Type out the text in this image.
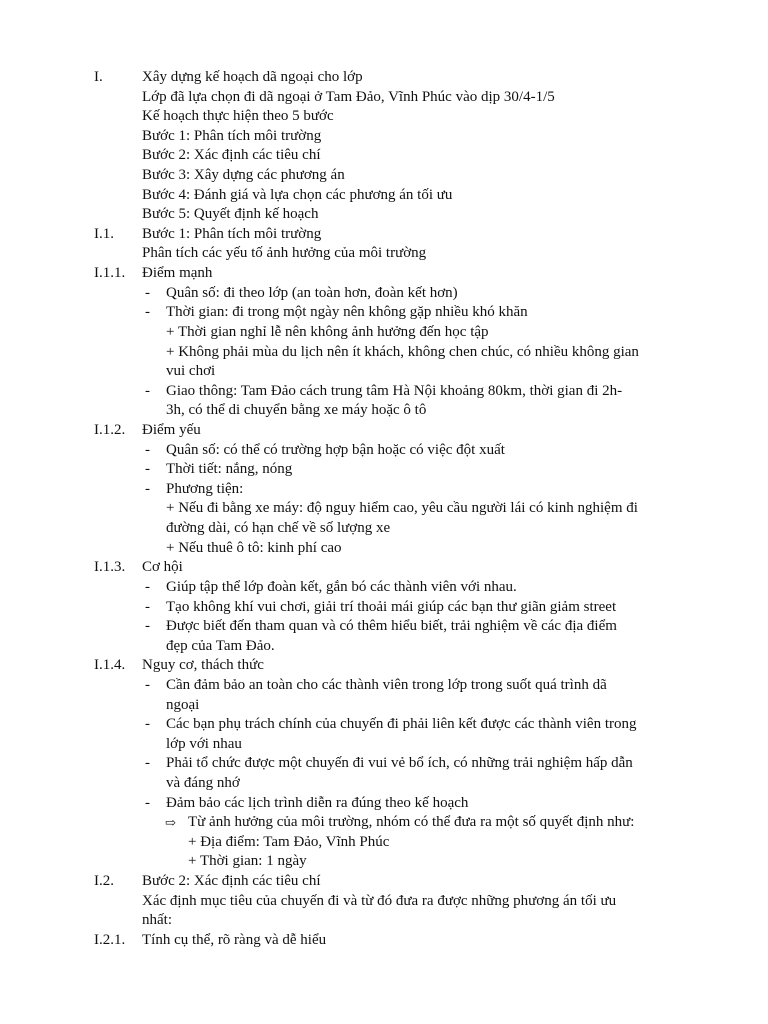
I.	Xây dựng kế hoạch dã ngoại cho lớp
Lớp đã lựa chọn đi dã ngoại ở Tam Đảo, Vĩnh Phúc vào dịp 30/4-1/5
Kế hoạch thực hiện theo 5 bước
Bước 1: Phân tích môi trường
Bước 2: Xác định các tiêu chí
Bước 3: Xây dựng các phương án
Bước 4: Đánh giá và lựa chọn các phương án tối ưu
Bước 5: Quyết định kế hoạch
I.1. Bước 1: Phân tích môi trường
Phân tích các yếu tố ảnh hưởng của môi trường
I.1.1. Điểm mạnh
- Quân số: đi theo lớp (an toàn hơn, đoàn kết hơn)
- Thời gian: đi trong một ngày nên không gặp nhiều khó khăn
+ Thời gian nghỉ lễ nên không ảnh hưởng đến học tập
+ Không phải mùa du lịch nên ít khách, không chen chúc, có nhiều không gian
vui chơi
- Giao thông: Tam Đảo cách trung tâm Hà Nội khoảng 80km, thời gian đi 2h-
3h, có thể di chuyển bằng xe máy hoặc ô tô
I.1.2. Điểm yếu
- Quân số: có thể có trường hợp bận hoặc có việc đột xuất
- Thời tiết: nắng, nóng
- Phương tiện:
+ Nếu đi bằng xe máy: độ nguy hiểm cao, yêu cầu người lái có kinh nghiệm đi
đường dài, có hạn chế về số lượng xe
+ Nếu thuê ô tô: kinh phí cao
I.1.3. Cơ hội
- Giúp tập thể lớp đoàn kết, gắn bó các thành viên với nhau.
- Tạo không khí vui chơi, giải trí thoải mái giúp các bạn thư giãn giảm street
- Được biết đến tham quan và có thêm hiểu biết, trải nghiệm về các địa điểm
đẹp của Tam Đảo.
I.1.4. Nguy cơ, thách thức
- Cần đảm bảo an toàn cho các thành viên trong lớp trong suốt quá trình dã
ngoại
- Các bạn phụ trách chính của chuyến đi phải liên kết được các thành viên trong
lớp với nhau
- Phải tổ chức được một chuyến đi vui vẻ bổ ích, có những trải nghiệm hấp dẫn
và đáng nhớ
- Đảm bảo các lịch trình diễn ra đúng theo kế hoạch
⇨ Từ ảnh hưởng của môi trường, nhóm có thể đưa ra một số quyết định như:
+ Địa điểm: Tam Đảo, Vĩnh Phúc
+ Thời gian: 1 ngày
I.2. Bước 2: Xác định các tiêu chí
Xác định mục tiêu của chuyến đi và từ đó đưa ra được những phương án tối ưu
nhất:
I.2.1. Tính cụ thể, rõ ràng và dễ hiểu
